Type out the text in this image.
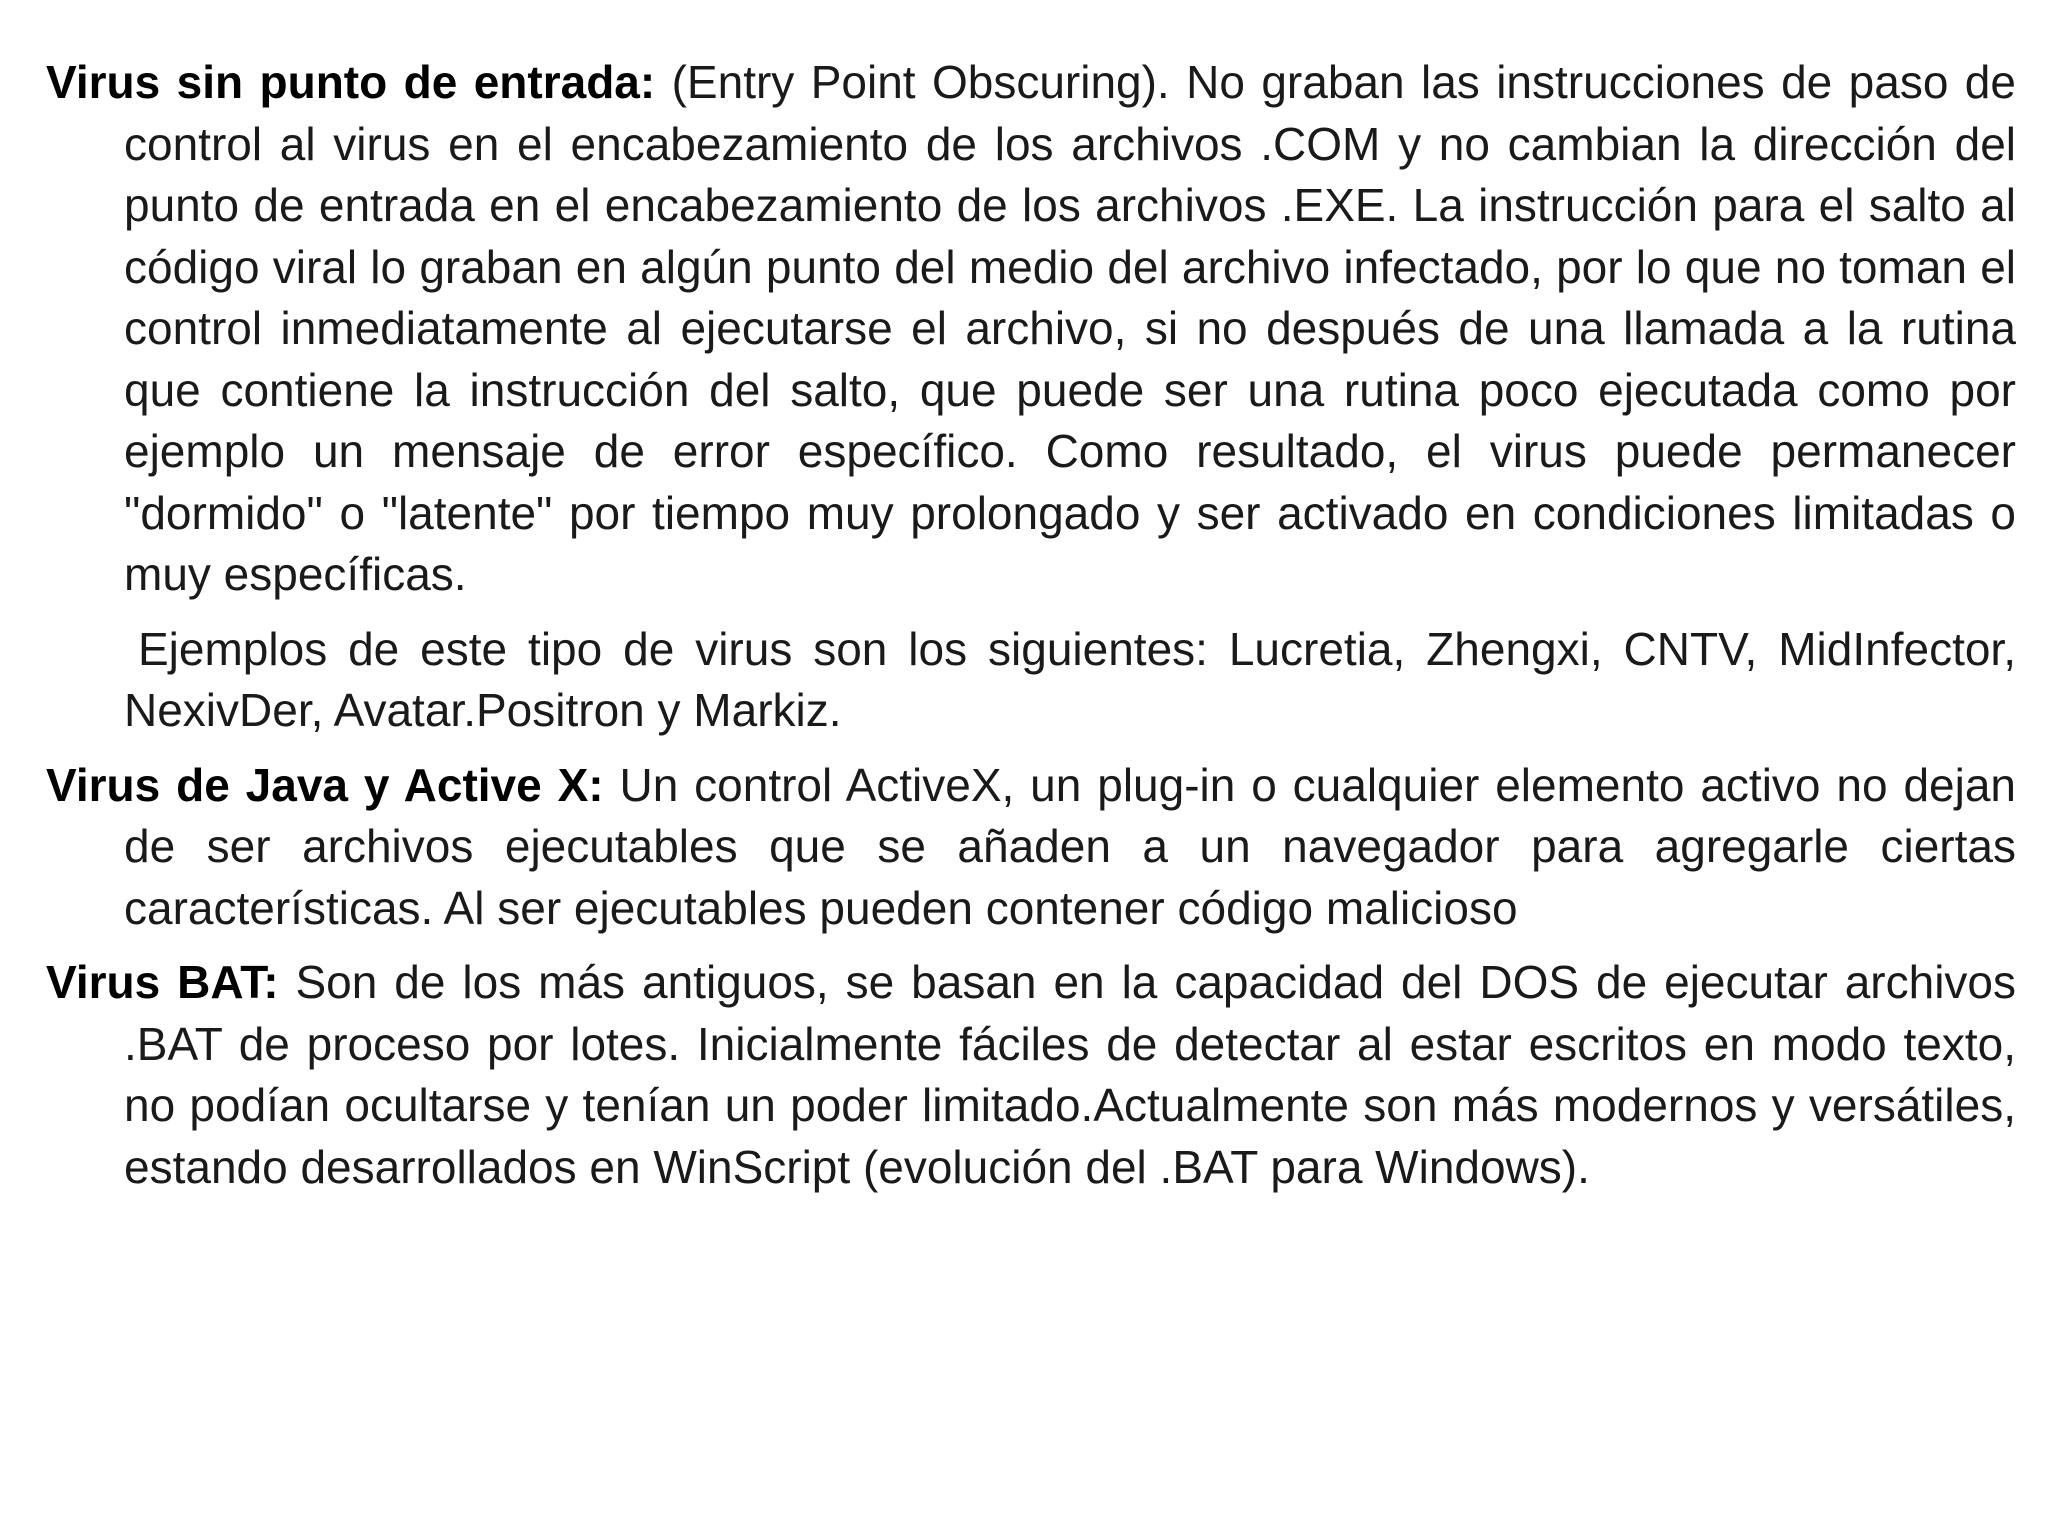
Virus sin punto de entrada: (Entry Point Obscuring). No graban las instrucciones de paso de control al virus en el encabezamiento de los archivos .COM y no cambian la dirección del punto de entrada en el encabezamiento de los archivos .EXE. La instrucción para el salto al código viral lo graban en algún punto del medio del archivo infectado, por lo que no toman el control inmediatamente al ejecutarse el archivo, si no después de una llamada a la rutina que contiene la instrucción del salto, que puede ser una rutina poco ejecutada como por ejemplo un mensaje de error específico. Como resultado, el virus puede permanecer "dormido" o "latente" por tiempo muy prolongado y ser activado en condiciones limitadas o muy específicas.

Ejemplos de este tipo de virus son los siguientes: Lucretia, Zhengxi, CNTV, MidInfector, NexivDer, Avatar.Positron y Markiz.

Virus de Java y Active X: Un control ActiveX, un plug-in o cualquier elemento activo no dejan de ser archivos ejecutables que se añaden a un navegador para agregarle ciertas características. Al ser ejecutables pueden contener código malicioso

Virus BAT: Son de los más antiguos, se basan en la capacidad del DOS de ejecutar archivos .BAT de proceso por lotes. Inicialmente fáciles de detectar al estar escritos en modo texto, no podían ocultarse y tenían un poder limitado.Actualmente son más modernos y versátiles, estando desarrollados en WinScript (evolución del .BAT para Windows).
